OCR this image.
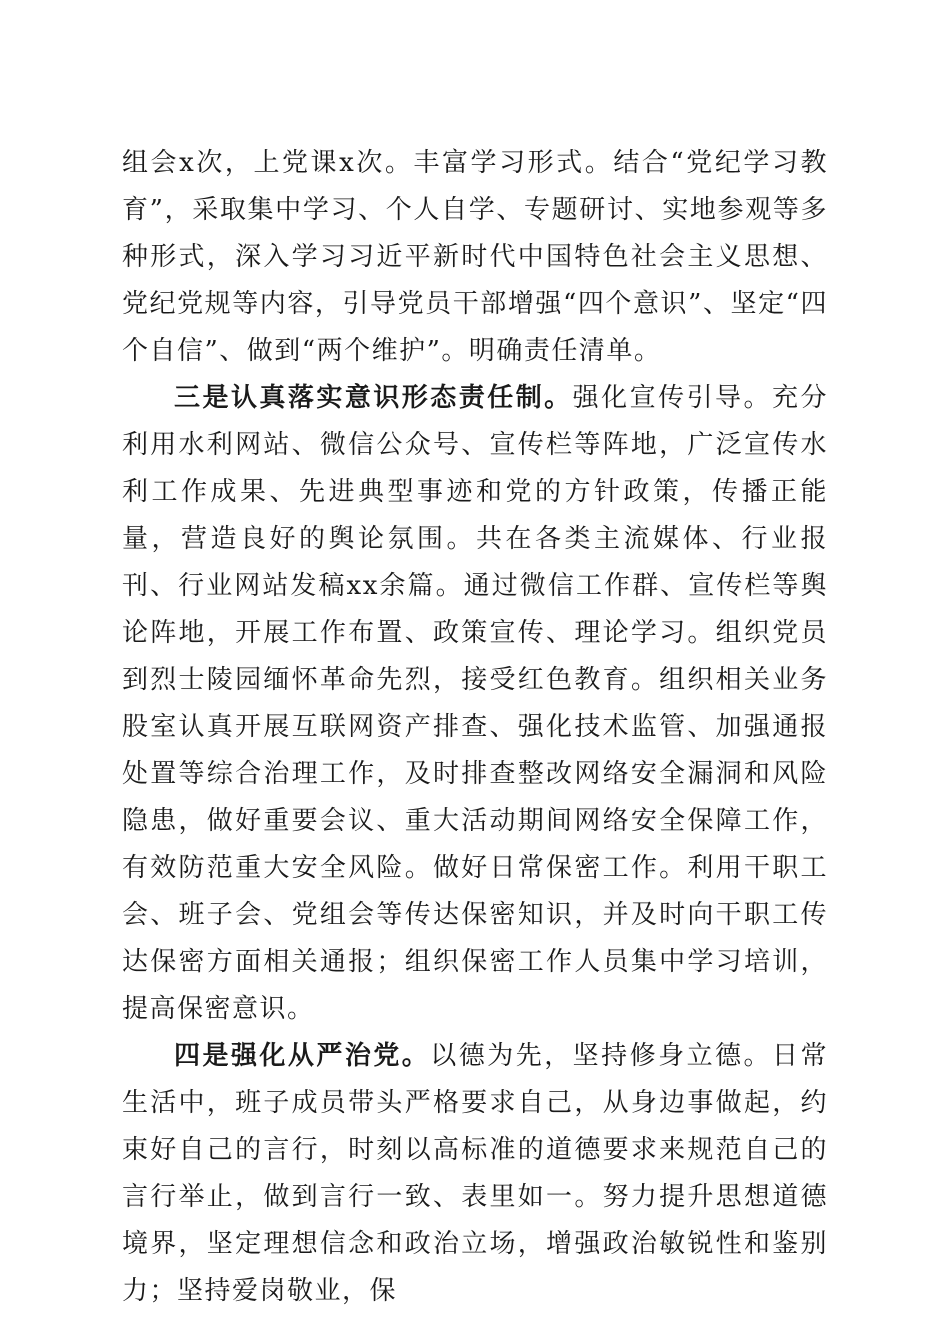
组会x次，上党课x次。丰富学习形式。结合“党纪学习教育”，采取集中学习、个人自学、专题研讨、实地参观等多种形式，深入学习习近平新时代中国特色社会主义思想、党纪党规等内容，引导党员干部增强“四个意识”、坚定“四个自信”、做到“两个维护”。明确责任清单。

三是认真落实意识形态责任制。强化宣传引导。充分利用水利网站、微信公众号、宣传栏等阵地，广泛宣传水利工作成果、先进典型事迹和党的方针政策，传播正能量，营造良好的舆论氛围。共在各类主流媒体、行业报刊、行业网站发稿xx余篇。通过微信工作群、宣传栏等舆论阵地，开展工作布置、政策宣传、理论学习。组织党员到烈士陵园缅怀革命先烈，接受红色教育。组织相关业务股室认真开展互联网资产排查、强化技术监管、加强通报处置等综合治理工作，及时排查整改网络安全漏洞和风险隐患，做好重要会议、重大活动期间网络安全保障工作，有效防范重大安全风险。做好日常保密工作。利用干职工会、班子会、党组会等传达保密知识，并及时向干职工传达保密方面相关通报；组织保密工作人员集中学习培训，提高保密意识。

四是强化从严治党。以德为先，坚持修身立德。日常生活中，班子成员带头严格要求自己，从身边事做起，约束好自己的言行，时刻以高标准的道德要求来规范自己的言行举止，做到言行一致、表里如一。努力提升思想道德境界，坚定理想信念和政治立场，增强政治敏锐性和鉴别力；坚持爱岗敬业，保
